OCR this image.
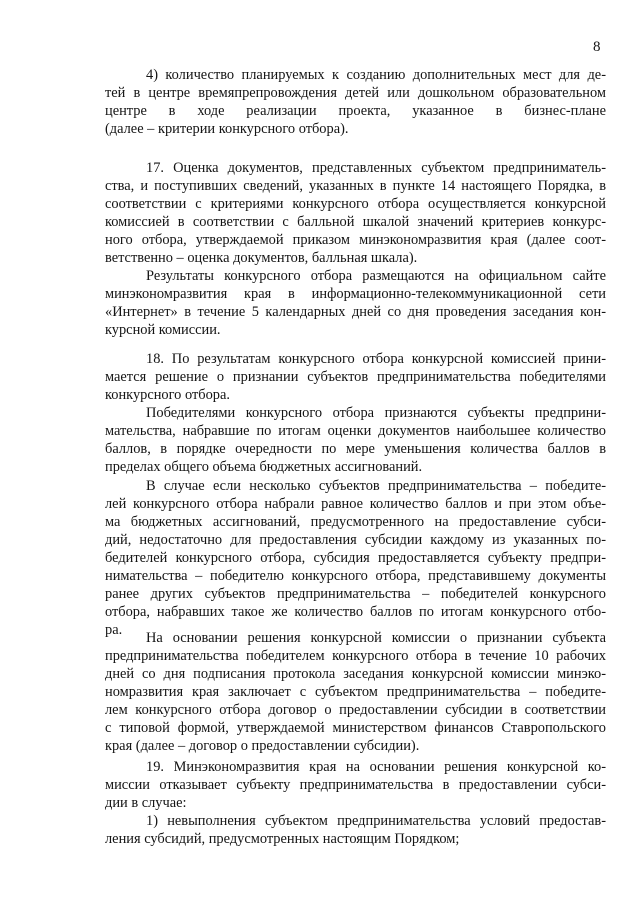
8
4) количество планируемых к созданию дополнительных мест для де-
тей в центре времяпрепровождения детей или дошкольном образовательном
центре в ходе реализации проекта, указанное в бизнес-плане
(далее – критерии конкурсного отбора).
17. Оценка документов, представленных субъектом предприниматель-
ства, и поступивших сведений, указанных в пункте 14 настоящего Порядка, в
соответствии с критериями конкурсного отбора осуществляется конкурсной
комиссией в соответствии с балльной шкалой значений критериев конкурс-
ного отбора, утверждаемой приказом минэкономразвития края (далее соот-
ветственно – оценка документов, балльная шкала).
Результаты конкурсного отбора размещаются на официальном сайте
минэкономразвития края в информационно-телекоммуникационной сети
«Интернет» в течение 5 календарных дней со дня проведения заседания кон-
курсной комиссии.
18. По результатам конкурсного отбора конкурсной комиссией прини-
мается решение о признании субъектов предпринимательства победителями
конкурсного отбора.
Победителями конкурсного отбора признаются субъекты предприни-
мательства, набравшие по итогам оценки документов наибольшее количество
баллов, в порядке очередности по мере уменьшения количества баллов в
пределах общего объема бюджетных ассигнований.
В случае если несколько субъектов предпринимательства – победите-
лей конкурсного отбора набрали равное количество баллов и при этом объе-
ма бюджетных ассигнований, предусмотренного на предоставление субси-
дий, недостаточно для предоставления субсидии каждому из указанных по-
бедителей конкурсного отбора, субсидия предоставляется субъекту предпри-
нимательства – победителю конкурсного отбора, представившему документы
ранее других субъектов предпринимательства – победителей конкурсного
отбора, набравших такое же количество баллов по итогам конкурсного отбо-
ра. На основании решения конкурсной комиссии о признании субъекта
предпринимательства победителем конкурсного отбора в течение 10 рабочих
дней со дня подписания протокола заседания конкурсной комиссии минэко-
номразвития края заключает с субъектом предпринимательства – победите-
лем конкурсного отбора договор о предоставлении субсидии в соответствии
с типовой формой, утверждаемой министерством финансов Ставропольского
края (далее – договор о предоставлении субсидии).
19. Минэкономразвития края на основании решения конкурсной ко-
миссии отказывает субъекту предпринимательства в предоставлении субси-
дии в случае:
1) невыполнения субъектом предпринимательства условий предостав-
ления субсидий, предусмотренных настоящим Порядком;
